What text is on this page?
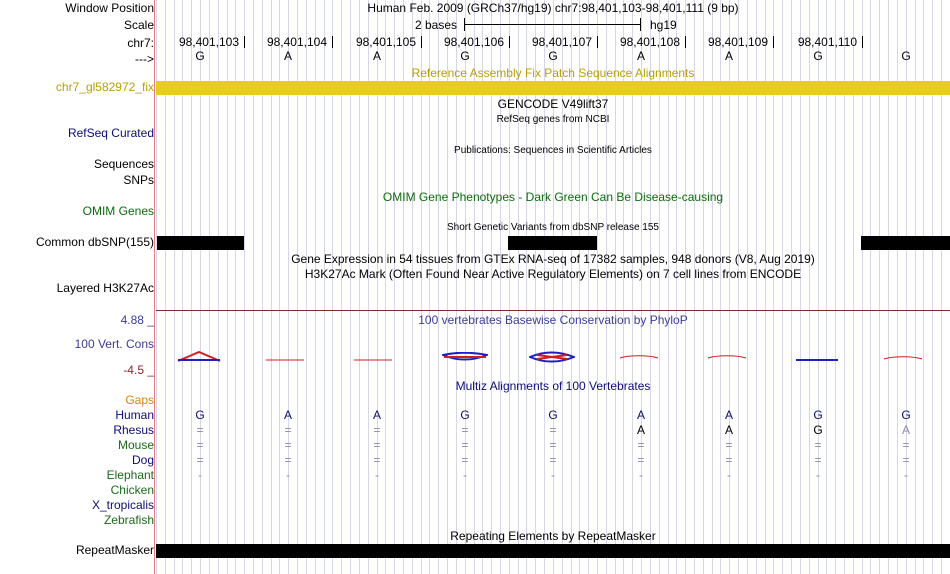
Window Position	Human Feb. 2009 (GRCh37/hg19) chr7:98,401,103-98,401,111 (9 bp)
Scale	2 bases	hg19
chr7: 98,401,103 98,401,104 98,401,105 98,401,106 98,401,107 98,401,108 98,401,109 98,401,110
--->	G	A	A	G	G	A	A	G	G
Reference Assembly Fix Patch Sequence Alignments
chr7_gl582972_fix
GENCODE V49lift37
RefSeq genes from NCBI
RefSeq Curated
Publications: Sequences in Scientific Articles
Sequences
SNPs
OMIM Gene Phenotypes - Dark Green Can Be Disease-causing
OMIM Genes
Short Genetic Variants from dbSNP release 155
Common dbSNP(155)
Gene Expression in 54 tissues from GTEx RNA-seq of 17382 samples, 948 donors (V8, Aug 2019)
H3K27Ac Mark (Often Found Near Active Regulatory Elements) on 7 cell lines from ENCODE
Layered H3K27Ac
100 vertebrates Basewise Conservation by PhyloP
4.88 _
100 Vert. Cons
-4.5 _
Multiz Alignments of 100 Vertebrates
Gaps
Human	G	A	A	G	G	A	A	G	G
Rhesus	=	=	=	=	=	A	A	G	A
Mouse	=	=	=	=	=	=	=	=	=
Dog	=	=	=	=	=	=	=	=	=
Elephant	-	-	-	-	-	-	-	-	-
Chicken
X_tropicalis
Zebrafish
Repeating Elements by RepeatMasker
RepeatMasker
